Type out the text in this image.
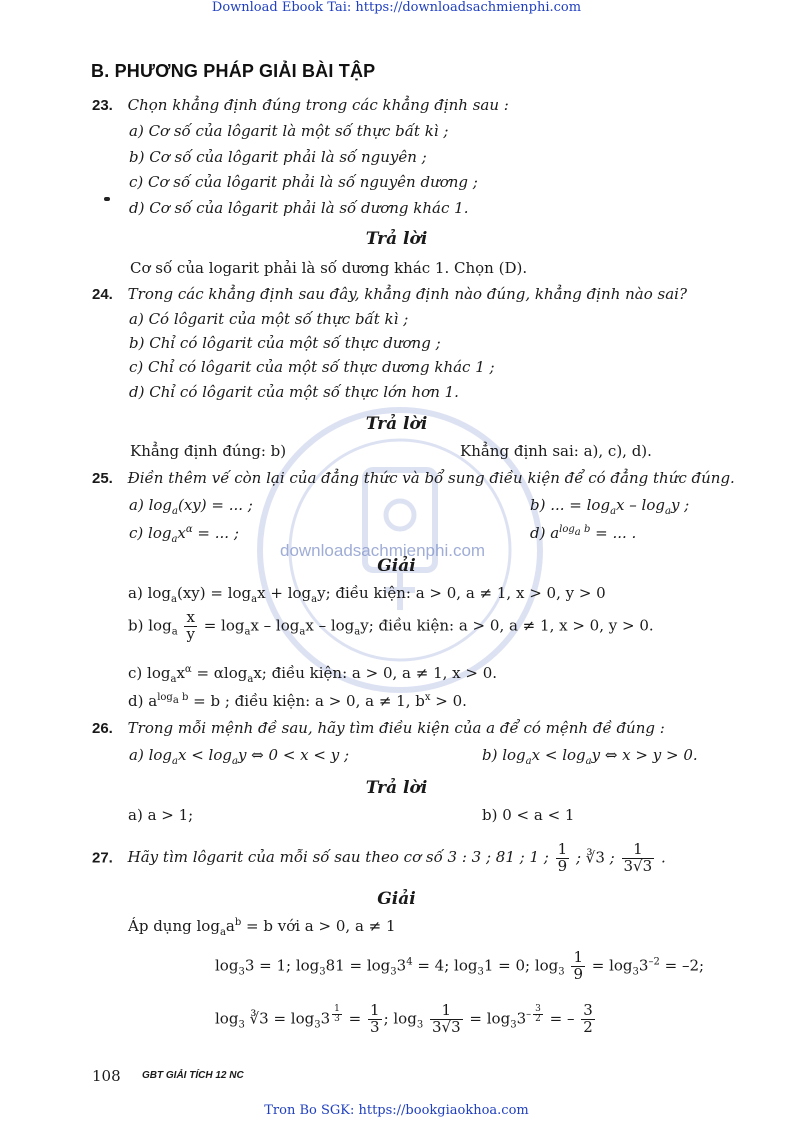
Download Ebook Tai: https://downloadsachmienphi.com
Tron Bo SGK: https://bookgiaokhoa.com
downloadsachmienphi.com
B. PHƯƠNG PHÁP GIẢI BÀI TẬP
23. Chọn khẳng định đúng trong các khẳng định sau :
a) Cơ số của lôgarit là một số thực bất kì ;
b) Cơ số của lôgarit phải là số nguyên ;
c) Cơ số của lôgarit phải là số nguyên dương ;
d) Cơ số của lôgarit phải là số dương khác 1.
Trả lời
Cơ số của logarit phải là số dương khác 1. Chọn (D).
24. Trong các khẳng định sau đây, khẳng định nào đúng, khẳng định nào sai?
a) Có lôgarit của một số thực bất kì ;
b) Chỉ có lôgarit của một số thực dương ;
c) Chỉ có lôgarit của một số thực dương khác 1 ;
d) Chỉ có lôgarit của một số thực lớn hơn 1.
Trả lời
Khẳng định đúng: b)	Khẳng định sai: a), c), d).
25. Điền thêm vế còn lại của đẳng thức và bổ sung điều kiện để có đẳng thức đúng.
a) $\log_a(xy)$ = ... ;	b) ... = $\log_ax - \log_ay$ ;
c) $\log_ax^\alpha$ = ... ;	d) $a^{log_a b}$ = ... .
Giải
a) $\log_a(xy) = \log_ax + \log_ay$; điều kiện: a > 0, a ≠ 1, x > 0, y > 0
b) $\log_a \frac{x}{y} = \log_ax - \log_ax - \log_ay$; điều kiện: a > 0, a ≠ 1, x > 0, y > 0.
c) $\log_ax^\alpha = \alpha\log_ax$; điều kiện: a > 0, a ≠ 1, x > 0.
d) $a^{log_a b} = b$ ; điều kiện: a > 0, a ≠ 1, $b^x > 0$.
26. Trong mỗi mệnh đề sau, hãy tìm điều kiện của a để có mệnh đề đúng :
a) $\log_ax < \log_ay$ ⇔ 0 < x < y ;	b) $\log_ax < \log_ay$ ⇔ x > y > 0.
Trả lời
a) a > 1;	b) 0 < a < 1
27. Hãy tìm lôgarit của mỗi số sau theo cơ số 3 : 3 ; 81 ; 1 ; $\frac{1}{9}$ ; ∛3 ; $\frac{1}{3√3}$ .
Giải
Áp dụng $\log_aa^b = b$ với a > 0, a ≠ 1
$\log_33 = 1$; $\log_381 = \log_33^4 = 4$; $\log_31 = 0$; $\log_3 \frac{1}{9} = \log_33^{-2} = -2$;
$\log_3$ ∛3 = $\log_33$ $^{\frac{1}{3}} = \frac{1}{3}$ ; $\log_3 \frac{1}{3√3} = \log_33^{- \frac{3}{2}}$ = – $\frac{3}{2}$
108 GBT GIẢI TÍCH 12 NC
